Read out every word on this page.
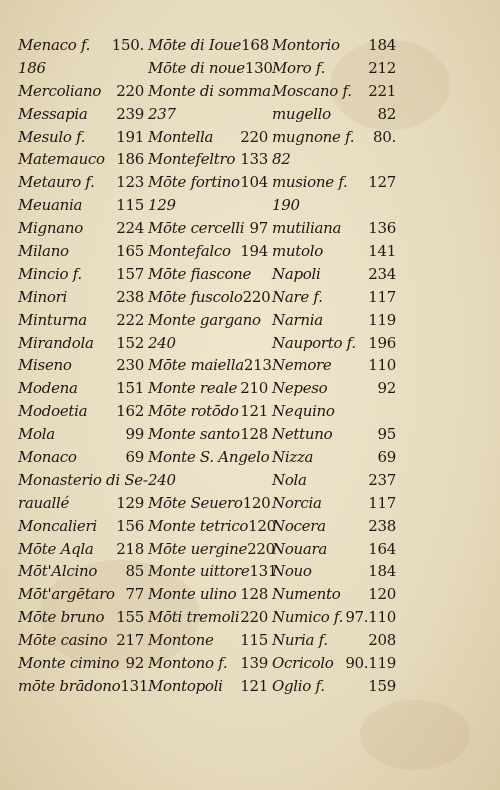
Menaco f. 150.
186
Mercoliano 220
Messapia 239
Mesulo f. 191
Matemauco 186
Metauro f. 123
Meuania 115
Mignano 224
Milano	165
Mincio f. 157
Minori	238
Minturna 222
Mirandola 152
Miseno	230
Modena	151
Modoetia 162
Mola	99
Monaco	69
Monasterio di Se-
rauallé	129
Moncalieri 156
Mōte Aqla 218
Mōt'Alcino 85
Mōt'argētaro 77
Mōte bruno 155
Mōte casino 217
Monte cimino 92
mōte brādono 131
Mōte di Ioue 168
Mōte di noue 130
Monte di somma
237
Montella 220
Montefeltro 133
Mōte fortino 104
129
Mōte cercelli 97
Montefalco 194
Mōte fiascone
Mōte fuscolo 220
Monte gargano
240
Mōte maiella 213
Monte reale 210
Mōte rotōdo 121
Monte santo 128
Monte S. Angelo
240
Mōte Seuero 120
Monte tetrico 120
Mōte uergine 220
Monte uittore 131
Monte ulino 128
Mōti tremoli 220
Montone 115
Montono f. 139
Montopoli 121
Montorio 184
Moro f.	212
Moscano f. 221
mugello	82
mugnone f. 80.
82
musione f. 127
190
mutiliana 136
mutolo	141
Napoli	234
Nare f.	117
Narnia	119
Nauporto f. 196
Nemore 110
Nepeso	92
Nequino
Nettuno	95
Nizza	69
Nola	237
Norcia	117
Nocera	238
Nouara	164
Nouo	184
Numento 120
Numico f. 97.110
Nuria f.	208
Ocricolo 90.119
Oglio f.	159
